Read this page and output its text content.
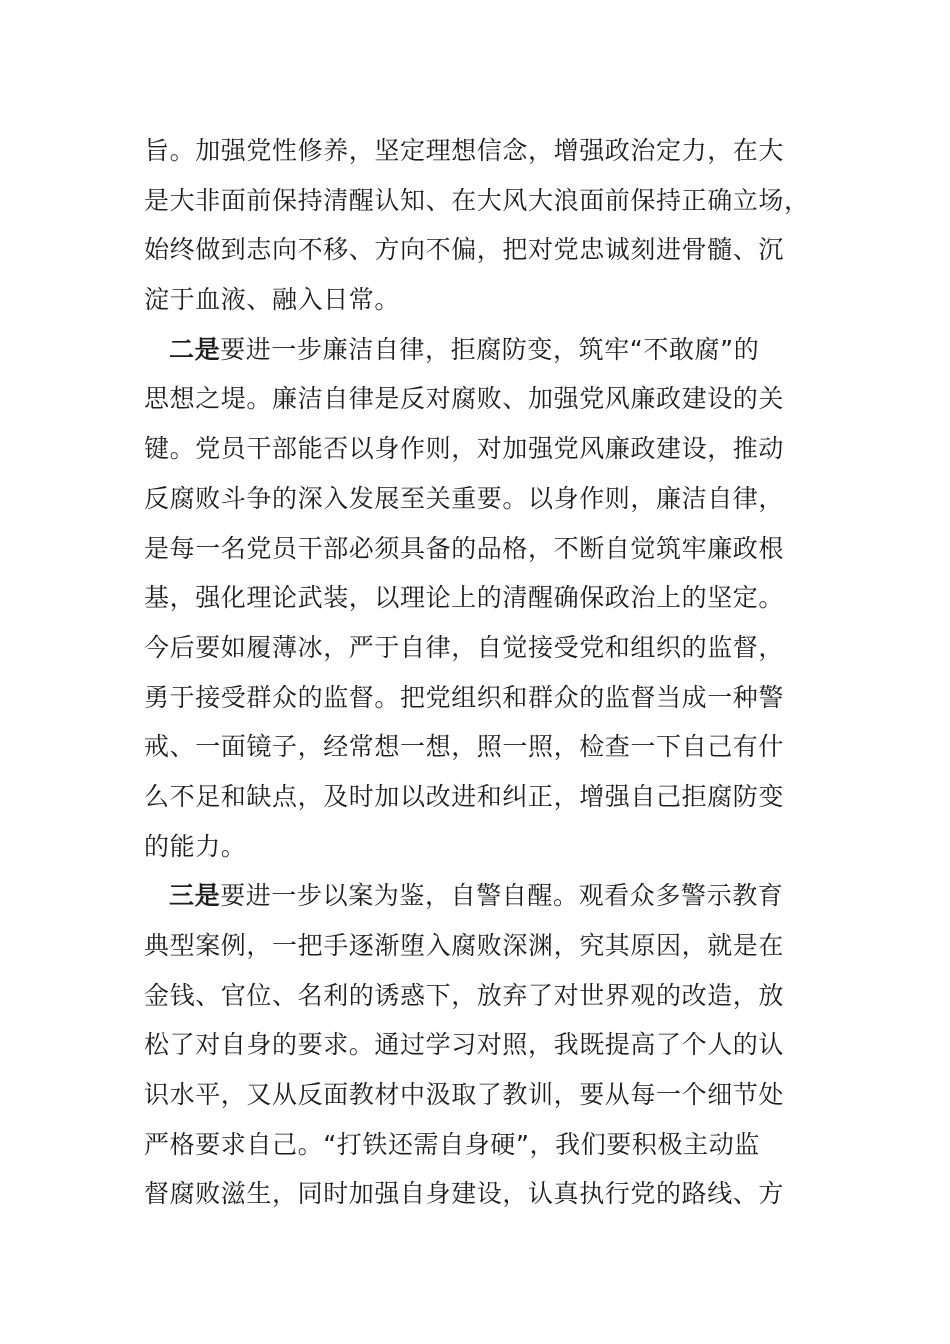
旨。加强党性修养，坚定理想信念，增强政治定力，在大
是大非面前保持清醒认知、在大风大浪面前保持正确立场，
始终做到志向不移、方向不偏，把对党忠诚刻进骨髓、沉
淀于血液、融入日常。
二是要进一步廉洁自律，拒腐防变，筑牢“不敢腐”的
思想之堤。廉洁自律是反对腐败、加强党风廉政建设的关
键。党员干部能否以身作则，对加强党风廉政建设，推动
反腐败斗争的深入发展至关重要。以身作则，廉洁自律，
是每一名党员干部必须具备的品格，不断自觉筑牢廉政根
基，强化理论武装，以理论上的清醒确保政治上的坚定。
今后要如履薄冰，严于自律，自觉接受党和组织的监督，
勇于接受群众的监督。把党组织和群众的监督当成一种警
戒、一面镜子，经常想一想，照一照，检查一下自己有什
么不足和缺点，及时加以改进和纠正，增强自己拒腐防变
的能力。
三是要进一步以案为鉴，自警自醒。观看众多警示教育
典型案例，一把手逐渐堕入腐败深渊，究其原因，就是在
金钱、官位、名利的诱惑下，放弃了对世界观的改造，放
松了对自身的要求。通过学习对照，我既提高了个人的认
识水平，又从反面教材中汲取了教训，要从每一个细节处
严格要求自己。“打铁还需自身硬”，我们要积极主动监
督腐败滋生，同时加强自身建设，认真执行党的路线、方
